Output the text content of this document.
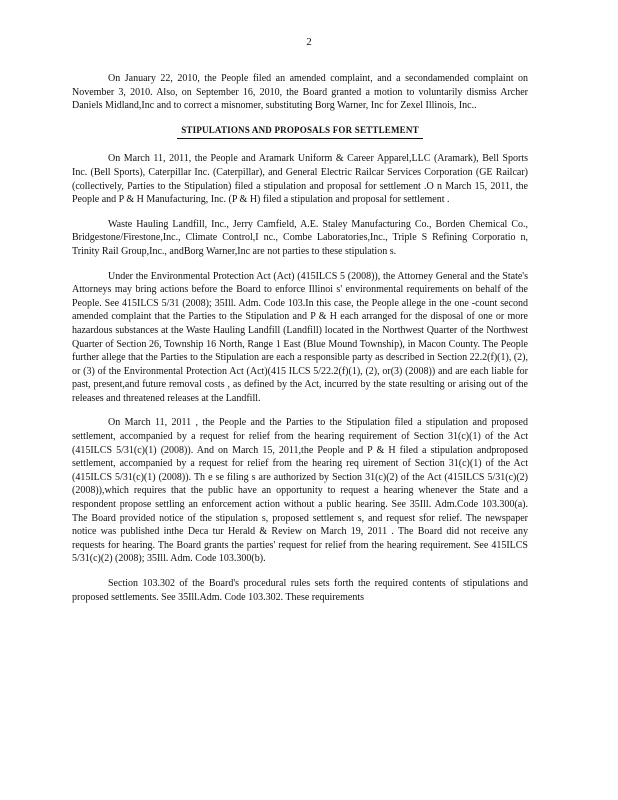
2

On January 22, 2010, the People filed an amended complaint, and a secondamended complaint on November 3, 2010. Also, on September 16, 2010, the Board granted a motion to voluntarily dismiss Archer Daniels Midland,Inc and to correct a misnomer, substituting Borg Warner, Inc for Zexel Illinois, Inc..

STIPULATIONS AND PROPOSALS FOR SETTLEMENT

On March 11, 2011, the People and Aramark Uniform & Career Apparel,LLC (Aramark), Bell Sports Inc. (Bell Sports), Caterpillar Inc. (Caterpillar), and General Electric Railcar Services Corporation (GE Railcar) (collectively, Parties to the Stipulation) filed a stipulation and proposal for settlement .O n March 15, 2011, the People and P & H Manufacturing, Inc. (P & H) filed a stipulation and proposal for settlement .

Waste Hauling Landfill, Inc., Jerry Camfield, A.E. Staley Manufacturing Co., Borden Chemical Co., Bridgestone/Firestone,Inc., Climate Control,I nc., Combe Laboratories,Inc., Triple S Refining Corporatio n, Trinity Rail Group,Inc., andBorg Warner,Inc are not parties to these stipulation s.

Under the Environmental Protection Act (Act) (415ILCS 5 (2008)), the Attorney General and the State's Attorneys may bring actions before the Board to enforce Illinoi s' environmental requirements on behalf of the People. See 415ILCS 5/31 (2008); 35Ill. Adm. Code 103.In this case, the People allege in the one -count second amended complaint that the Parties to the Stipulation and P & H each arranged for the disposal of one or more hazardous substances at the Waste Hauling Landfill (Landfill) located in the Northwest Quarter of the Northwest Quarter of Section 26, Township 16 North, Range 1 East (Blue Mound Township), in Macon County. The People further allege that the Parties to the Stipulation are each a responsible party as described in Section 22.2(f)(1), (2), or (3) of the Environmental Protection Act (Act)(415 ILCS 5/22.2(f)(1), (2), or(3) (2008)) and are each liable for past, present,and future removal costs , as defined by the Act, incurred by the state resulting or arising out of the releases and threatened releases at the Landfill.

On March 11, 2011 , the People and the Parties to the Stipulation filed a stipulation and proposed settlement, accompanied by a request for relief from the hearing requirement of Section 31(c)(1) of the Act (415ILCS 5/31(c)(1) (2008)). And on March 15, 2011,the People and P & H filed a stipulation andproposed settlement, accompanied by a request for relief from the hearing req uirement of Section 31(c)(1) of the Act (415ILCS 5/31(c)(1) (2008)). Th e se filing s are authorized by Section 31(c)(2) of the Act (415ILCS 5/31(c)(2) (2008)),which requires that the public have an opportunity to request a hearing whenever the State and a respondent propose settling an enforcement action without a public hearing. See 35Ill. Adm.Code 103.300(a). The Board provided notice of the stipulation s, proposed settlement s, and request sfor relief. The newspaper notice was published inthe Deca tur Herald & Review on March 19, 2011 . The Board did not receive any requests for hearing. The Board grants the parties' request for relief from the hearing requirement. See 415ILCS 5/31(c)(2) (2008); 35Ill. Adm. Code 103.300(b).

Section 103.302 of the Board's procedural rules sets forth the required contents of stipulations and proposed settlements. See 35Ill.Adm. Code 103.302. These requirements
